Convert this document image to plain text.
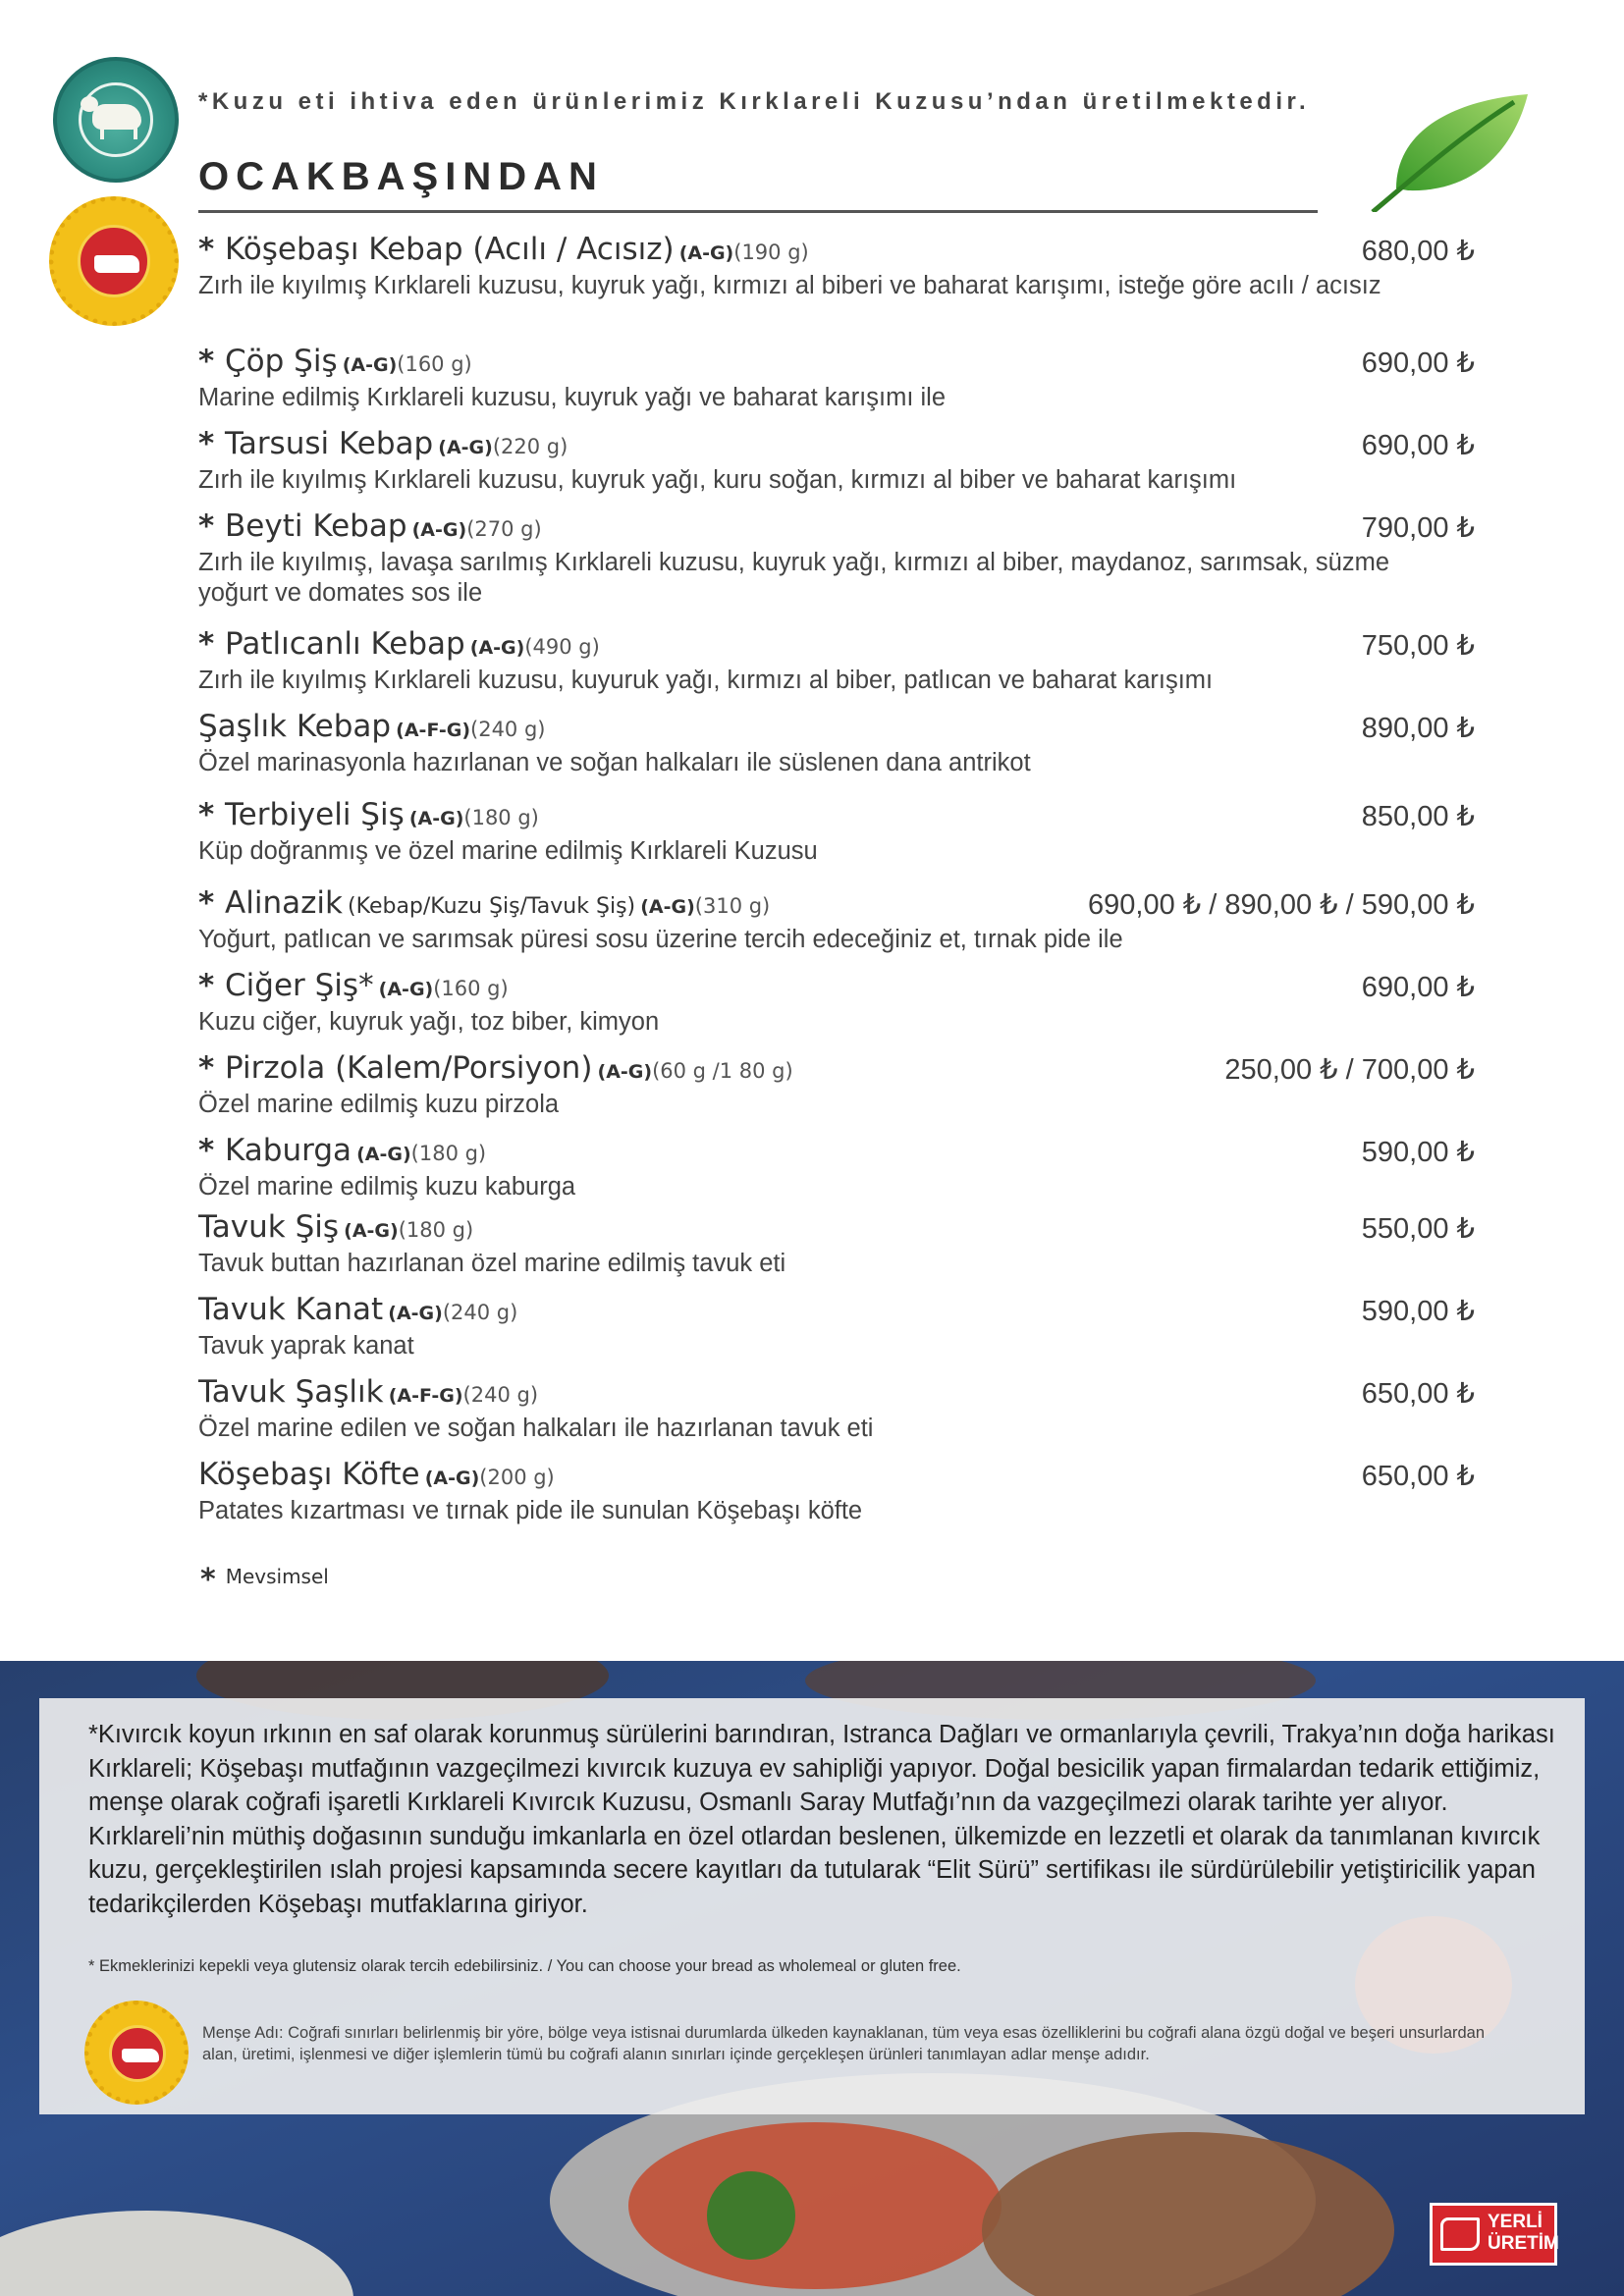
*Kuzu eti ihtiva eden ürünlerimiz Kırklareli Kuzusu’ndan üretilmektedir.
OCAKBAŞINDAN
* Köşebaşı Kebap (Acılı / Acısız) (A-G)(190 g)	680,00 ₺
Zırh ile kıyılmış Kırklareli kuzusu, kuyruk yağı, kırmızı al biberi ve baharat karışımı, isteğe göre acılı / acısız
* Çöp Şiş (A-G)(160 g)	690,00 ₺
Marine edilmiş Kırklareli kuzusu, kuyruk yağı ve baharat karışımı ile
* Tarsusi Kebap (A-G)(220 g)	690,00 ₺
Zırh ile kıyılmış Kırklareli kuzusu, kuyruk yağı, kuru soğan, kırmızı al biber ve baharat karışımı
* Beyti Kebap (A-G)(270 g)	790,00 ₺
Zırh ile kıyılmış, lavaşa sarılmış Kırklareli kuzusu, kuyruk yağı, kırmızı al biber, maydanoz, sarımsak, süzme yoğurt ve domates sos ile
* Patlıcanlı Kebap (A-G)(490 g)	750,00 ₺
Zırh ile kıyılmış Kırklareli kuzusu, kuyuruk yağı, kırmızı al biber, patlıcan ve baharat karışımı
Şaşlık Kebap (A-F-G)(240 g)	890,00 ₺
Özel marinasyonla hazırlanan ve soğan halkaları ile süslenen dana antrikot
* Terbiyeli Şiş (A-G)(180 g)	850,00 ₺
Küp doğranmış ve özel marine edilmiş Kırklareli Kuzusu
* Alinazik (Kebap/Kuzu Şiş/Tavuk Şiş) (A-G)(310 g)	690,00 ₺ / 890,00 ₺ / 590,00 ₺
Yoğurt, patlıcan ve sarımsak püresi sosu üzerine tercih edeceğiniz et, tırnak pide ile
* Ciğer Şiş* (A-G)(160 g)	690,00 ₺
Kuzu ciğer, kuyruk yağı, toz biber, kimyon
* Pirzola (Kalem/Porsiyon) (A-G)(60 g /1 80 g)	250,00 ₺ / 700,00 ₺
Özel marine edilmiş kuzu pirzola
* Kaburga (A-G)(180 g)	590,00 ₺
Özel marine edilmiş kuzu kaburga
Tavuk Şiş (A-G)(180 g)	550,00 ₺
Tavuk buttan hazırlanan özel marine edilmiş tavuk eti
Tavuk Kanat (A-G)(240 g)	590,00 ₺
Tavuk yaprak kanat
Tavuk Şaşlık (A-F-G)(240 g)	650,00 ₺
Özel marine edilen ve soğan halkaları ile hazırlanan tavuk eti
Köşebaşı Köfte (A-G)(200 g)	650,00 ₺
Patates kızartması ve tırnak pide ile sunulan Köşebaşı köfte
* Mevsimsel

*Kıvırcık koyun ırkının en saf olarak korunmuş sürülerini barındıran, Istranca Dağları ve ormanlarıyla çevrili, Trakya’nın doğa harikası Kırklareli; Köşebaşı mutfağının vazgeçilmezi kıvırcık kuzuya ev sahipliği yapıyor. Doğal besicilik yapan firmalardan tedarik ettiğimiz, menşe olarak coğrafi işaretli Kırklareli Kıvırcık Kuzusu, Osmanlı Saray Mutfağı’nın da vazgeçilmezi olarak tarihte yer alıyor.

Kırklareli’nin müthiş doğasının sunduğu imkanlarla en özel otlardan beslenen, ülkemizde en lezzetli et olarak da tanımlanan kıvırcık kuzu, gerçekleştirilen ıslah projesi kapsamında secere kayıtları da tutularak “Elit Sürü” sertifikası ile sürdürülebilir yetiştiricilik yapan tedarikçilerden Köşebaşı mutfaklarına giriyor.

* Ekmeklerinizi kepekli veya glutensiz olarak tercih edebilirsiniz. / You can choose your bread as wholemeal or gluten free.
Menşe Adı: Coğrafi sınırları belirlenmiş bir yöre, bölge veya istisnai durumlarda ülkeden kaynaklanan, tüm veya esas özelliklerini bu coğrafi alana özgü doğal ve beşeri unsurlardan alan, üretimi, işlenmesi ve diğer işlemlerin tümü bu coğrafi alanın sınırları içinde gerçekleşen ürünleri tanımlayan adlar menşe adıdır.
YERLİ
ÜRETİM
